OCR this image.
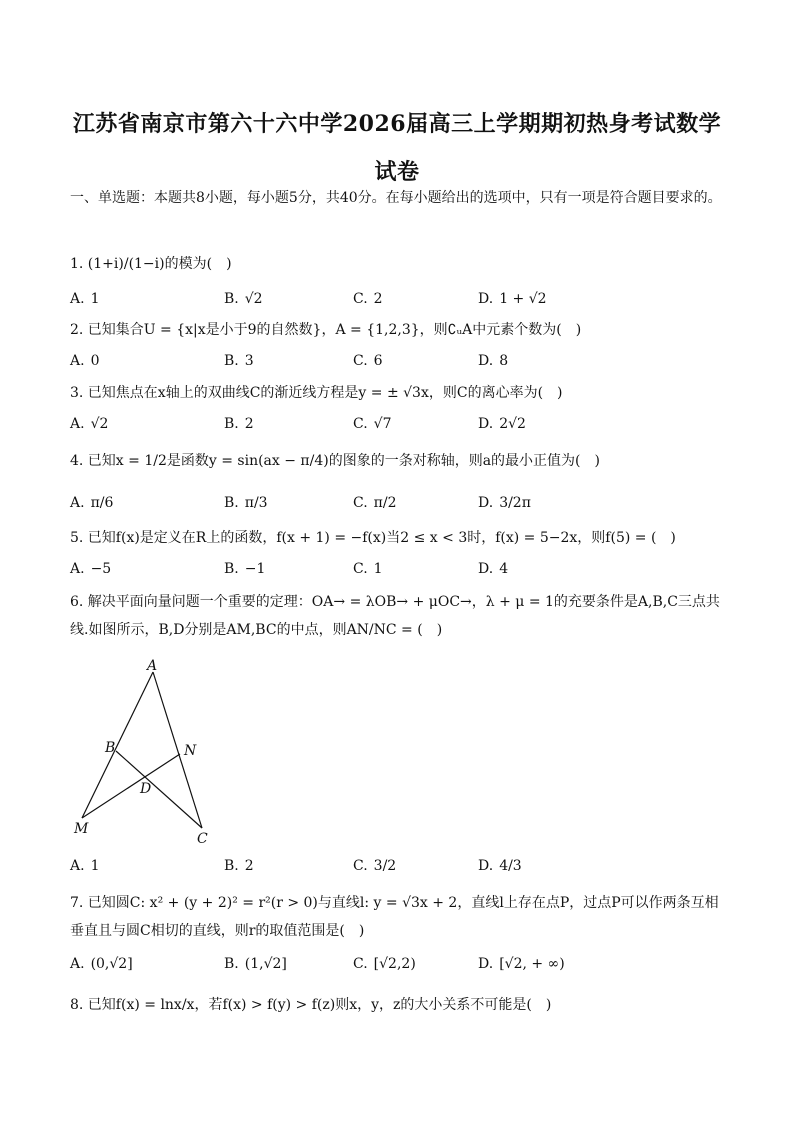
江苏省南京市第六十六中学2026届高三上学期期初热身考试数学试卷
一、单选题：本题共8小题，每小题5分，共40分。在每小题给出的选项中，只有一项是符合题目要求的。
1. (1+i)/(1−i)的模为(　)
A. 1	B. √2	C. 2	D. 1 + √2
2. 已知集合U = {x|x是小于9的自然数}，A = {1,2,3}，则∁ᵤA中元素个数为(　)
A. 0	B. 3	C. 6	D. 8
3. 已知焦点在x轴上的双曲线C的渐近线方程是y = ± √3x，则C的离心率为(　)
A. √2	B. 2	C. √7	D. 2√2
4. 已知x = 1/2是函数y = sin(ax − π/4)的图象的一条对称轴，则a的最小正值为(　)
A. π/6	B. π/3	C. π/2	D. 3/2π
5. 已知f(x)是定义在R上的函数，f(x + 1) = −f(x)当2 ≤ x < 3时，f(x) = 5−2x，则f(5) = (　)
A. −5	B. −1	C. 1	D. 4
6. 解决平面向量问题一个重要的定理：OA→ = λOB→ + μOC→，λ + μ = 1的充要条件是A,B,C三点共线.如图所示，B,D分别是AM,BC的中点，则AN/NC = (　)
A
B	N
D
M
C
A. 1	B. 2	C. 3/2	D. 4/3
7. 已知圆C: x² + (y + 2)² = r²(r > 0)与直线l: y = √3x + 2，直线l上存在点P，过点P可以作两条互相垂直且与圆C相切的直线，则r的取值范围是(　)
A. (0,√2]	B. (1,√2]	C. [√2,2)	D. [√2, + ∞)
8. 已知f(x) = lnx/x，若f(x) > f(y) > f(z)则x，y，z的大小关系不可能是(　)
